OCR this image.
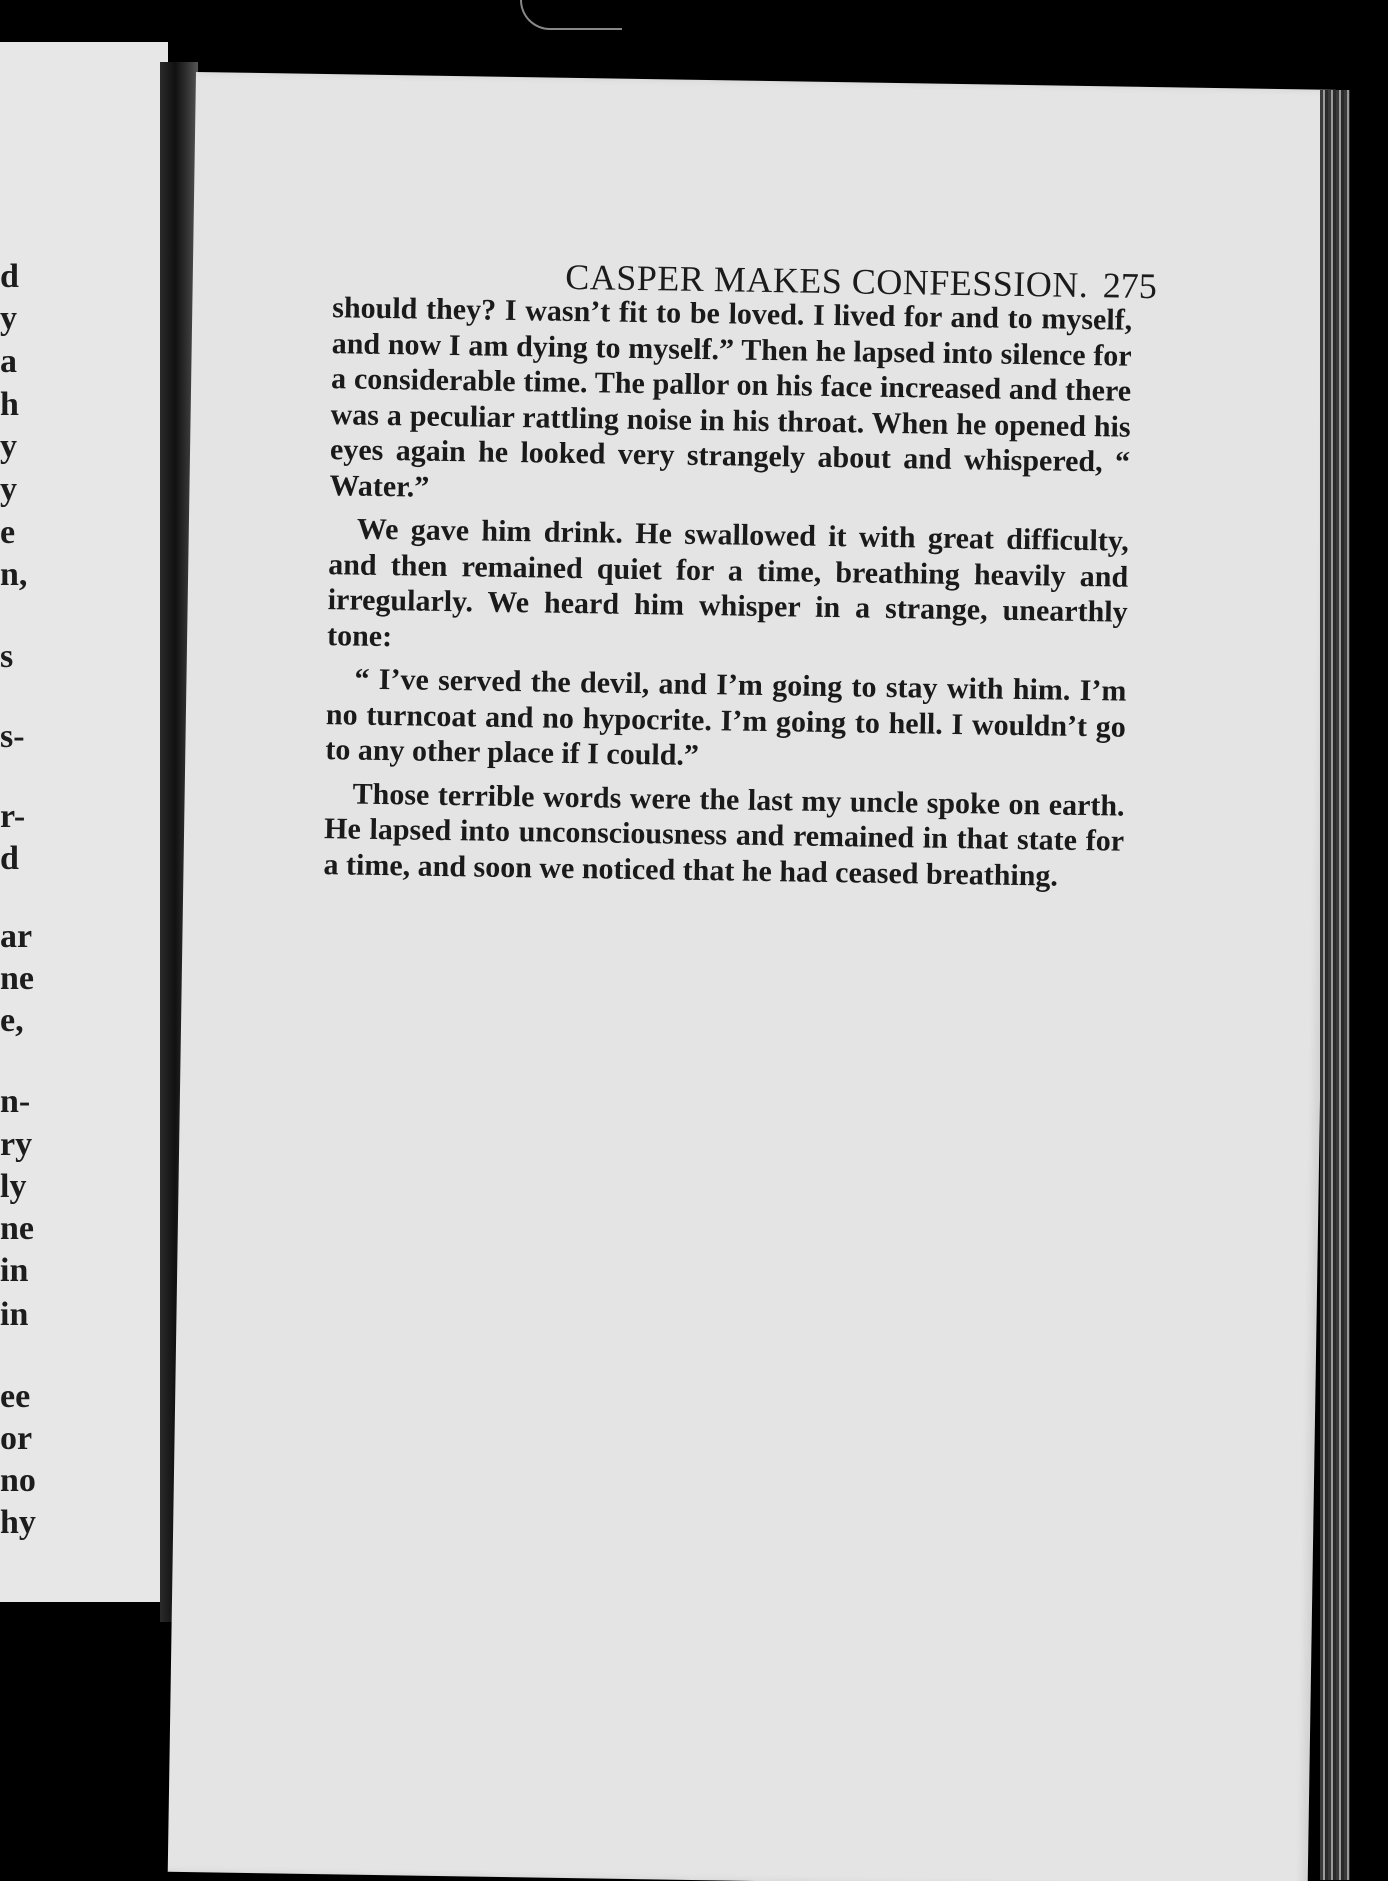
d
y
a
h
y
y
e
n,
s
s-
r-
d
ar
ne
e,
n-
ry
ly
ne
in
in
ee
or
no
hy
CASPER MAKES CONFESSION. 275

should they? I wasn’t fit to be loved. I lived for and to myself, and now I am dying to myself.” Then he lapsed into silence for a considerable time. The pallor on his face increased and there was a peculiar rattling noise in his throat. When he opened his eyes again he looked very strangely about and whispered, “ Water.”

We gave him drink. He swallowed it with great difficulty, and then remained quiet for a time, breathing heavily and irregularly. We heard him whisper in a strange, unearthly tone:

“ I’ve served the devil, and I’m going to stay with him. I’m no turncoat and no hypocrite. I’m going to hell. I wouldn’t go to any other place if I could.”

Those terrible words were the last my uncle spoke on earth. He lapsed into unconsciousness and remained in that state for a time, and soon we noticed that he had ceased breathing.
